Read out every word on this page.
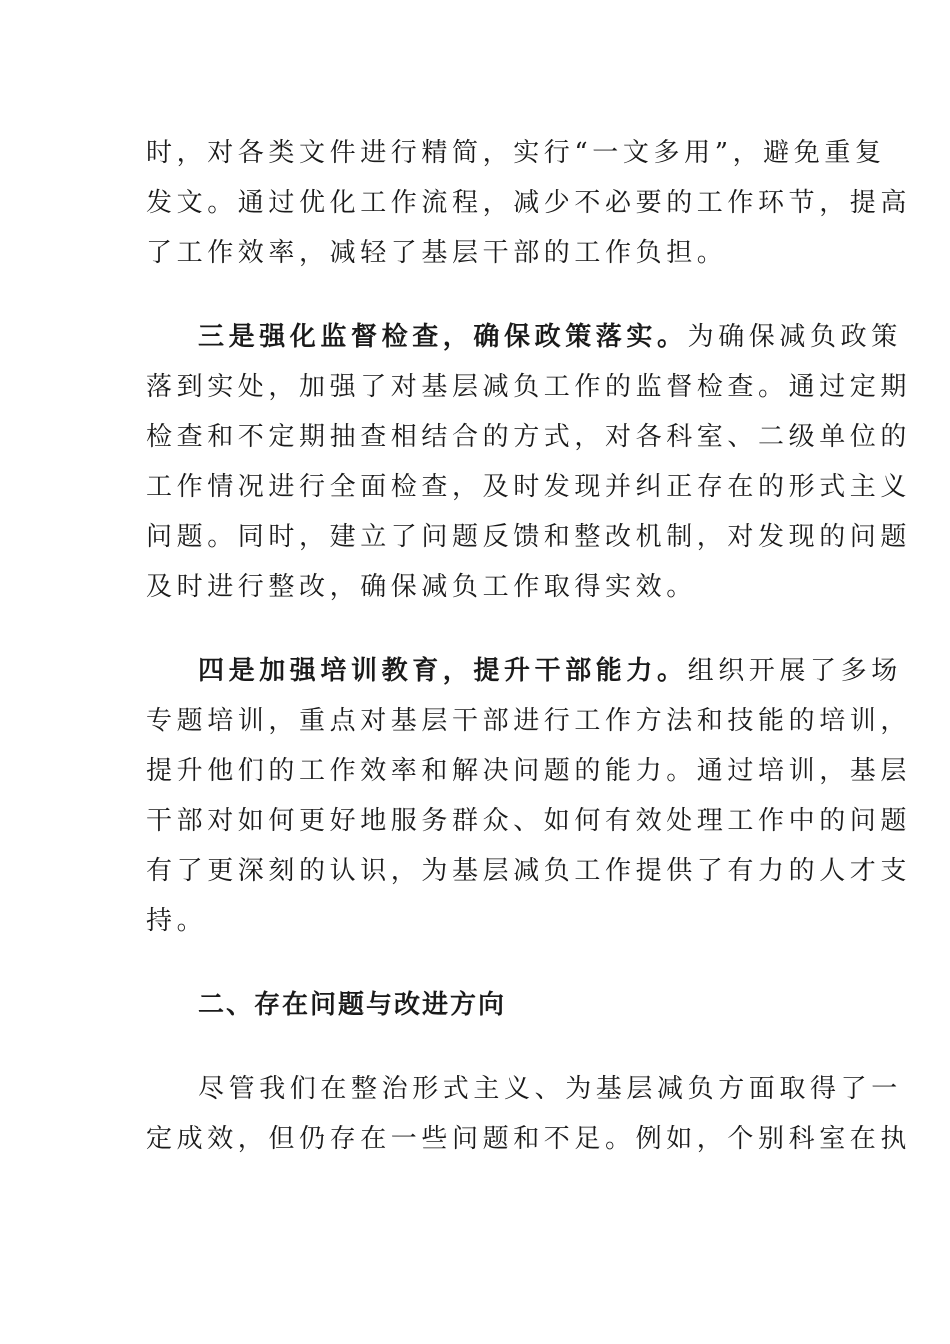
时，对各类文件进行精简，实行“一文多用”，避免重复
发文。通过优化工作流程，减少不必要的工作环节，提高
了工作效率，减轻了基层干部的工作负担。

三是强化监督检查，确保政策落实。为确保减负政策
落到实处，加强了对基层减负工作的监督检查。通过定期
检查和不定期抽查相结合的方式，对各科室、二级单位的
工作情况进行全面检查，及时发现并纠正存在的形式主义
问题。同时，建立了问题反馈和整改机制，对发现的问题
及时进行整改，确保减负工作取得实效。

四是加强培训教育，提升干部能力。组织开展了多场
专题培训，重点对基层干部进行工作方法和技能的培训，
提升他们的工作效率和解决问题的能力。通过培训，基层
干部对如何更好地服务群众、如何有效处理工作中的问题
有了更深刻的认识，为基层减负工作提供了有力的人才支
持。

二、存在问题与改进方向

尽管我们在整治形式主义、为基层减负方面取得了一
定成效，但仍存在一些问题和不足。例如，个别科室在执
